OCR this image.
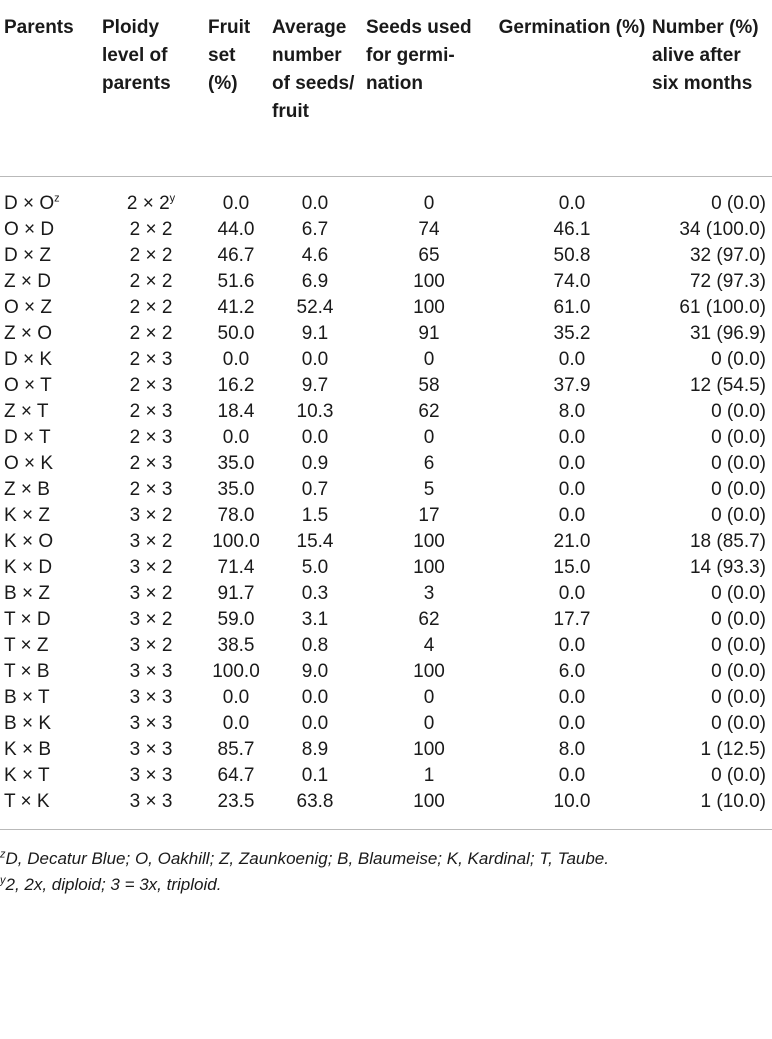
Parents	Ploidy level of parents	Fruit set (%)	Average number of seeds/ fruit	Seeds used for germi-nation	Germination (%)	Number (%) alive after six months
$D \times O^z$	$2 \times 2^y$	0.0	0.0	0	0.0	0 (0.0)
O × D	2 × 2	44.0	6.7	74	46.1	34 (100.0)
D × Z	2 × 2	46.7	4.6	65	50.8	32 (97.0)
Z × D	2 × 2	51.6	6.9	100	74.0	72 (97.3)
O × Z	2 × 2	41.2	52.4	100	61.0	61 (100.0)
Z × O	2 × 2	50.0	9.1	91	35.2	31 (96.9)
D × K	2 × 3	0.0	0.0	0	0.0	0 (0.0)
O × T	2 × 3	16.2	9.7	58	37.9	12 (54.5)
Z × T	2 × 3	18.4	10.3	62	8.0	0 (0.0)
D × T	2 × 3	0.0	0.0	0	0.0	0 (0.0)
O × K	2 × 3	35.0	0.9	6	0.0	0 (0.0)
Z × B	2 × 3	35.0	0.7	5	0.0	0 (0.0)
K × Z	3 × 2	78.0	1.5	17	0.0	0 (0.0)
K × O	3 × 2	100.0	15.4	100	21.0	18 (85.7)
K × D	3 × 2	71.4	5.0	100	15.0	14 (93.3)
B × Z	3 × 2	91.7	0.3	3	0.0	0 (0.0)
T × D	3 × 2	59.0	3.1	62	17.7	0 (0.0)
T × Z	3 × 2	38.5	0.8	4	0.0	0 (0.0)
T × B	3 × 3	100.0	9.0	100	6.0	0 (0.0)
B × T	3 × 3	0.0	0.0	0	0.0	0 (0.0)
B × K	3 × 3	0.0	0.0	0	0.0	0 (0.0)
K × B	3 × 3	85.7	8.9	100	8.0	1 (12.5)
K × T	3 × 3	64.7	0.1	1	0.0	0 (0.0)
T × K	3 × 3	23.5	63.8	100	10.0	1 (10.0)
$^z$D, Decatur Blue; O, Oakhill; Z, Zaunkoenig; B, Blaumeise; K, Kardinal; T, Taube.
$^y$2, 2x, diploid; 3 = 3x, triploid.
